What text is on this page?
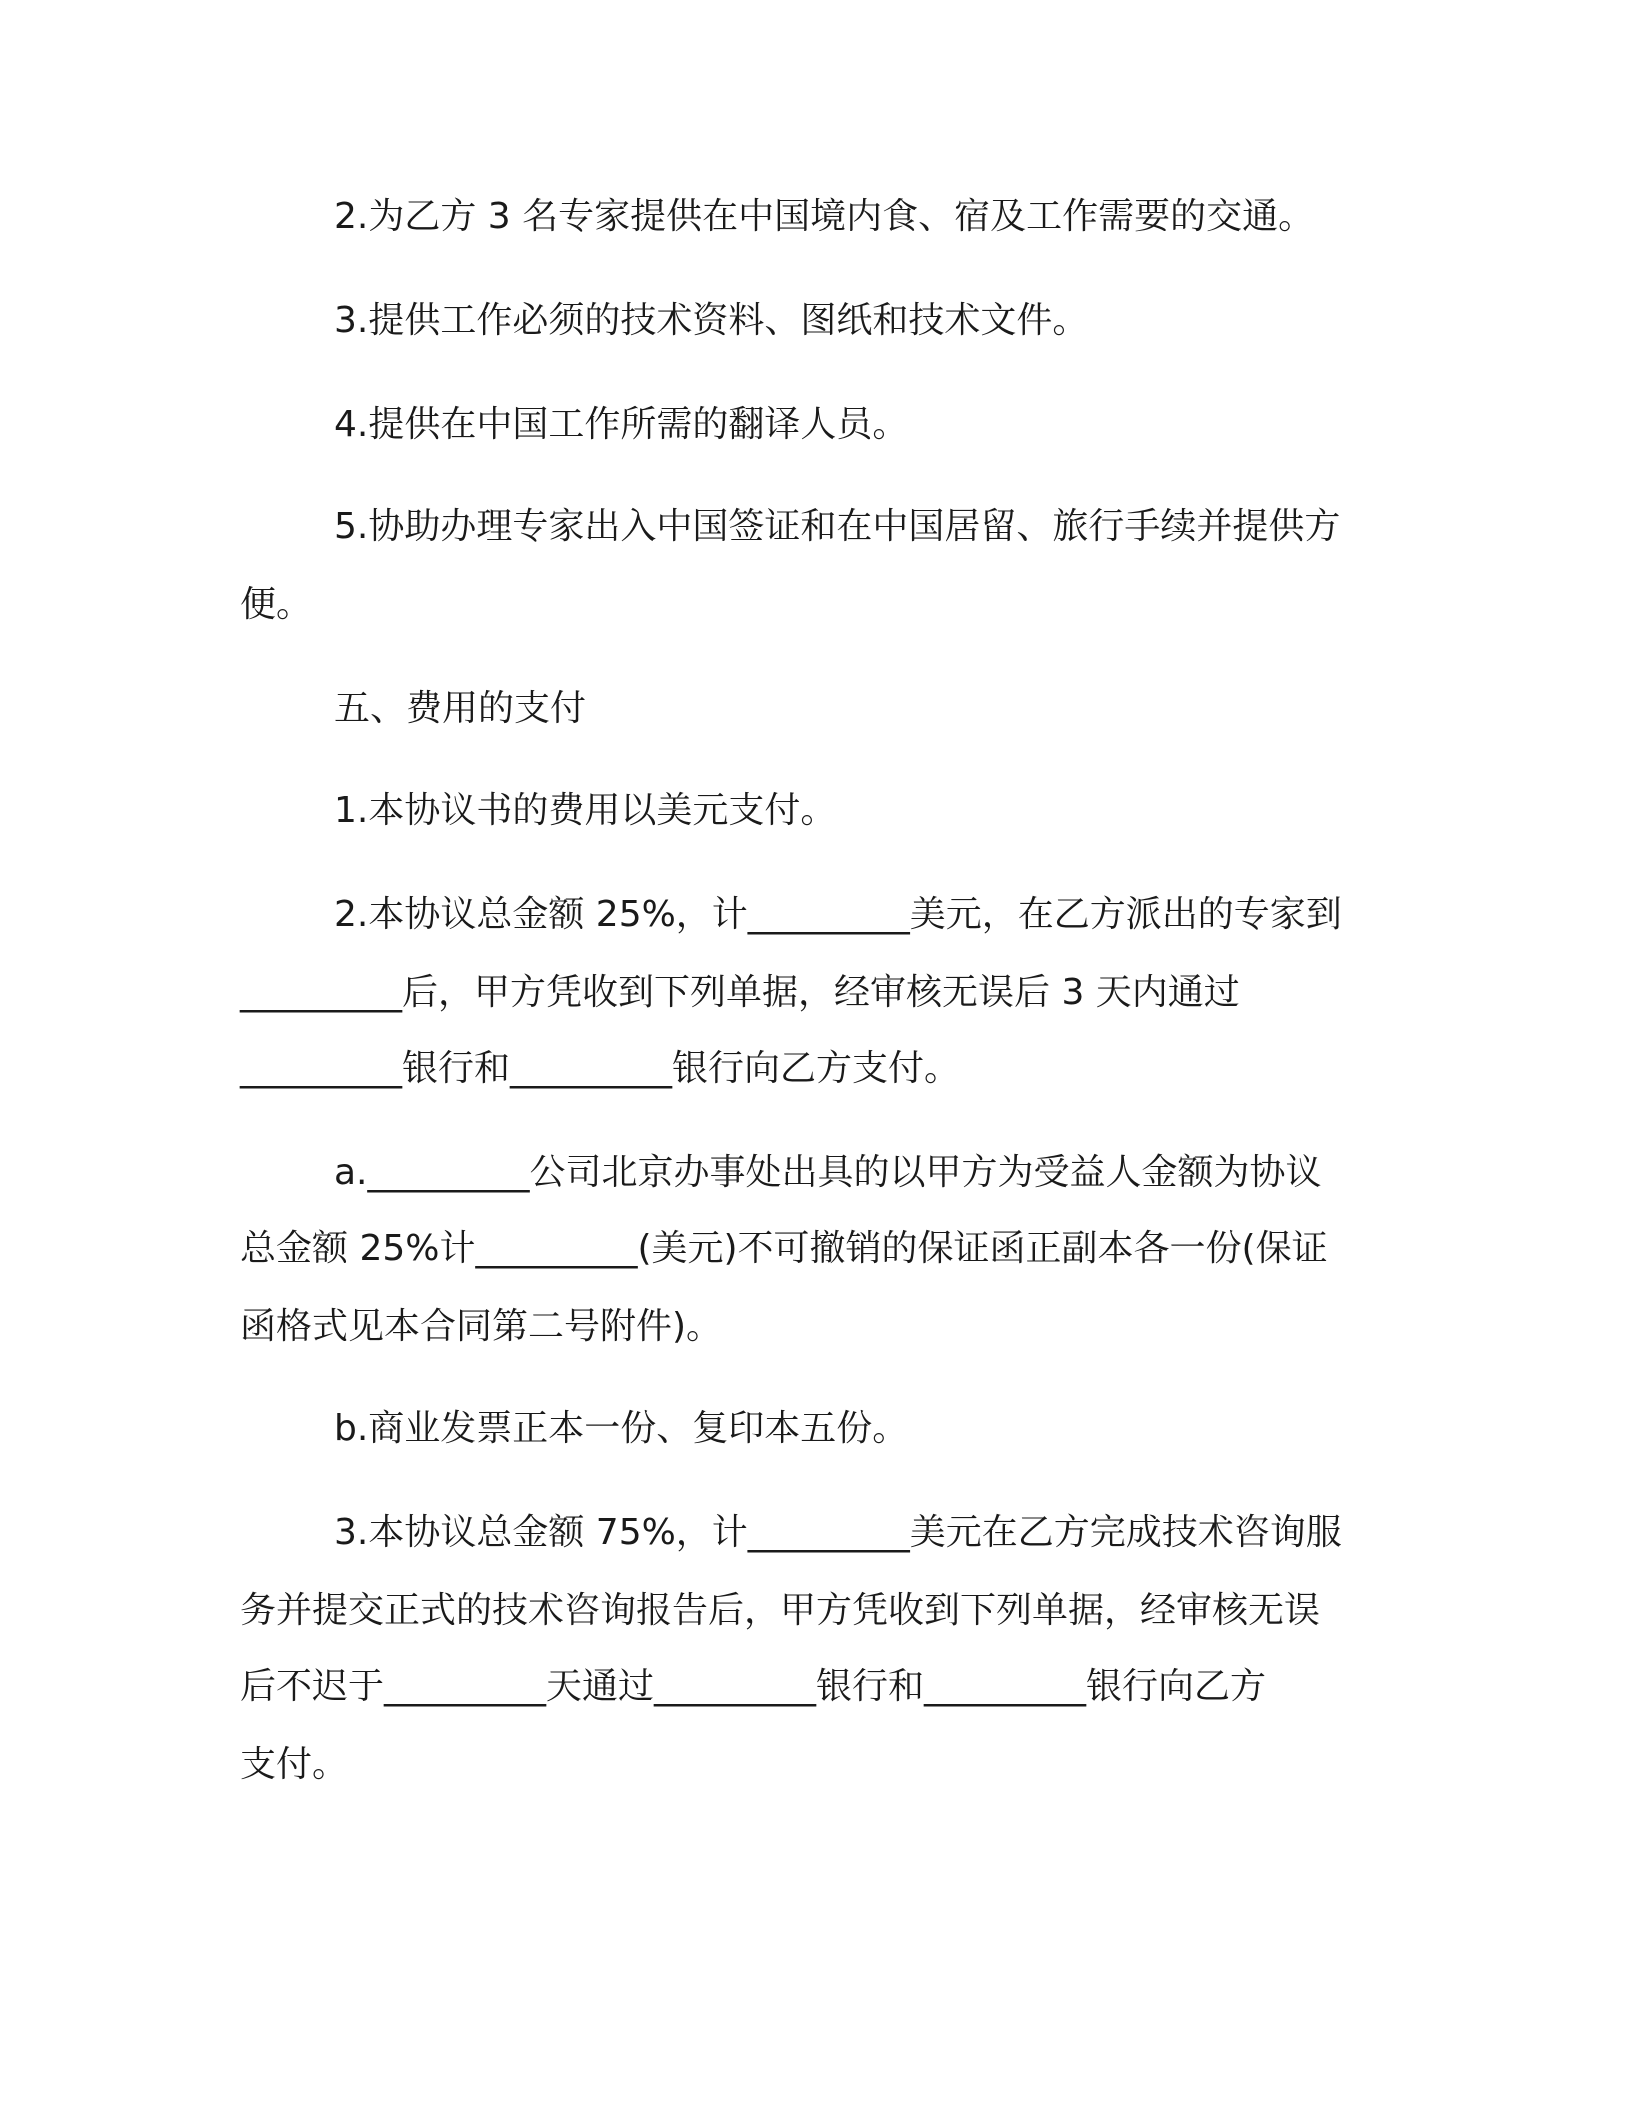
2.为乙方 3 名专家提供在中国境内食、宿及工作需要的交通。

3.提供工作必须的技术资料、图纸和技术文件。

4.提供在中国工作所需的翻译人员。

5.协助办理专家出入中国签证和在中国居留、旅行手续并提供方

便。

五、费用的支付

1.本协议书的费用以美元支付。

2.本协议总金额 25%，计_________美元，在乙方派出的专家到

_________后，甲方凭收到下列单据，经审核无误后 3 天内通过

_________银行和_________银行向乙方支付。

a._________公司北京办事处出具的以甲方为受益人金额为协议

总金额 25%计_________(美元)不可撤销的保证函正副本各一份(保证

函格式见本合同第二号附件)。

b.商业发票正本一份、复印本五份。

3.本协议总金额 75%，计_________美元在乙方完成技术咨询服

务并提交正式的技术咨询报告后，甲方凭收到下列单据，经审核无误

后不迟于_________天通过_________银行和_________银行向乙方

支付。
